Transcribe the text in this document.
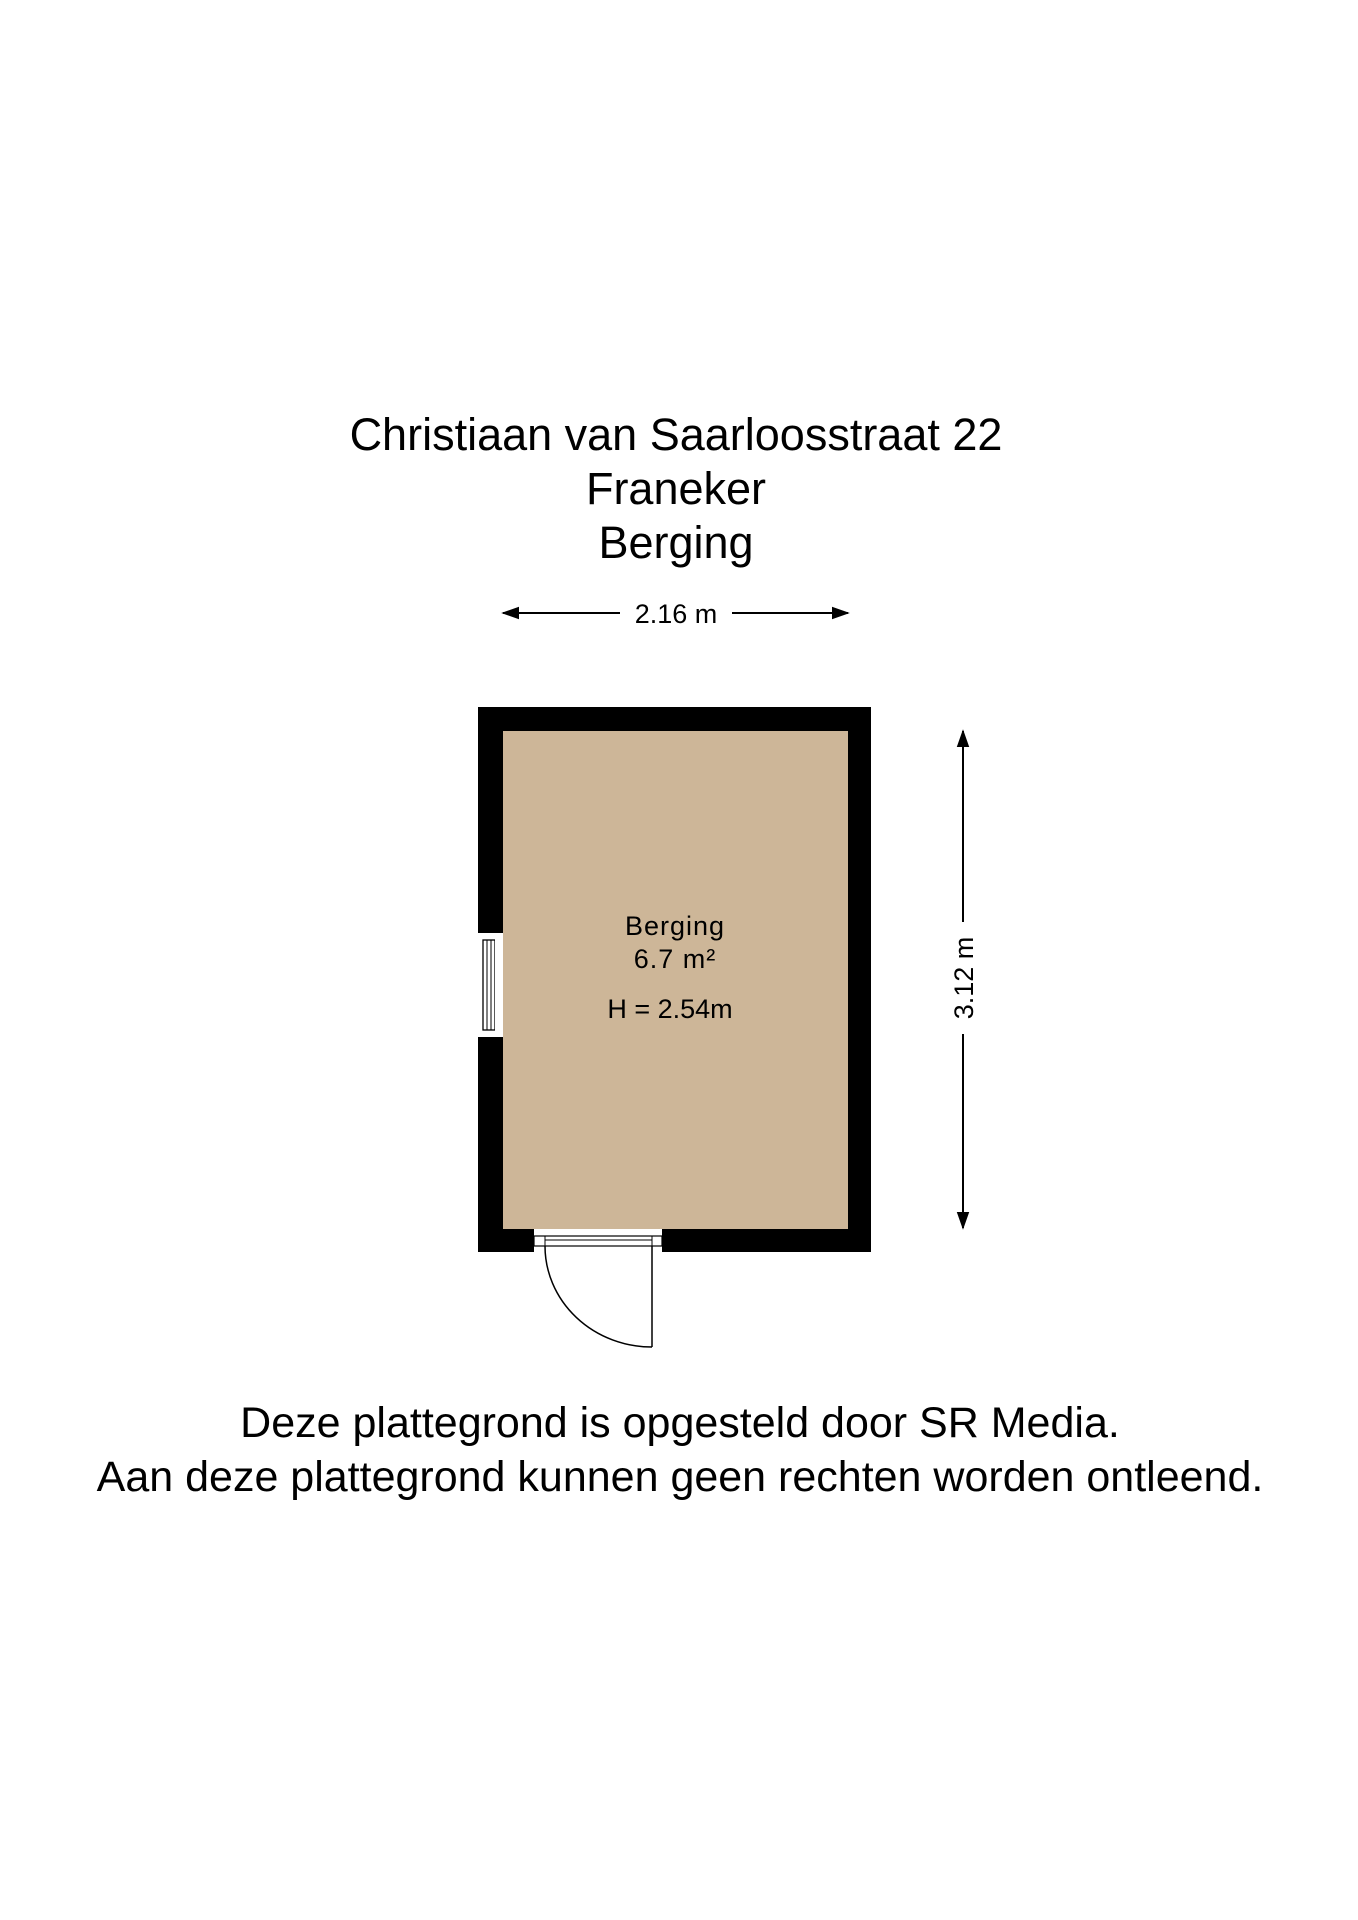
Christiaan van Saarloosstraat 22
Franeker
Berging
2.16 m
3.12 m
Berging
6.7 m²
H = 2.54m
Deze plattegrond is opgesteld door SR Media.
Aan deze plattegrond kunnen geen rechten worden ontleend.
